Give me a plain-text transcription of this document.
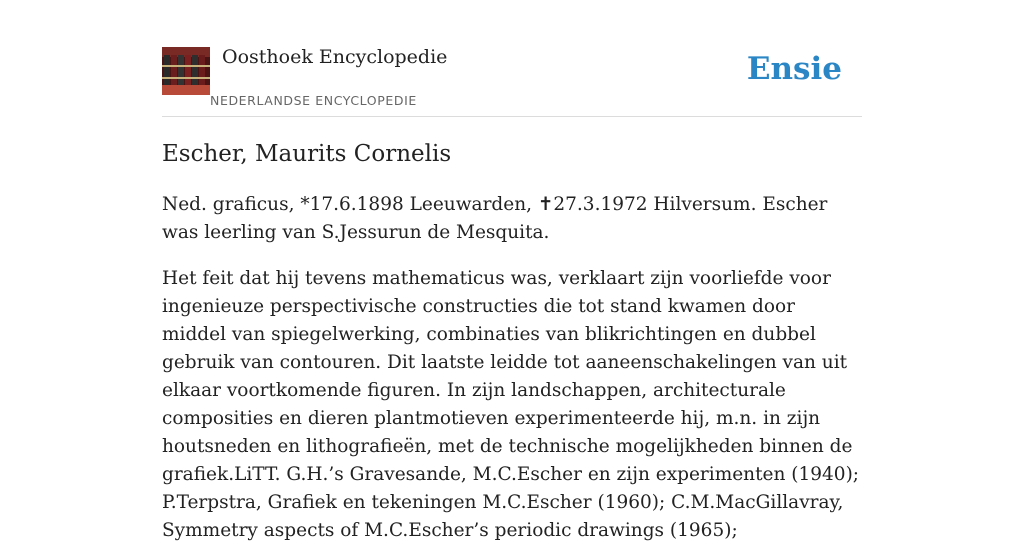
Oosthoek Encyclopedie
NEDERLANDSE ENCYCLOPEDIE
Ensie
Escher, Maurits Cornelis

Ned. graficus, *17.6.1898 Leeuwarden, ✝27.3.1972 Hilversum. Escher was leerling van S.Jessurun de Mesquita.

Het feit dat hij tevens mathematicus was, verklaart zijn voorliefde voor ingenieuze perspectivische constructies die tot stand kwamen door middel van spiegelwerking, combinaties van blikrichtingen en dubbel gebruik van contouren. Dit laatste leidde tot aaneenschakelingen van uit elkaar voortkomende figuren. In zijn landschappen, architecturale composities en dieren plantmotieven experimenteerde hij, m.n. in zijn houtsneden en lithografieën, met de technische mogelijkheden binnen de grafiek.LiTT. G.H.’s Gravesande, M.C.Escher en zijn experimenten (1940); P.Terpstra, Grafiek en tekeningen M.C.Escher (1960); C.M.MacGillavray, Symmetry aspects of M.C.Escher’s periodic drawings (1965);
